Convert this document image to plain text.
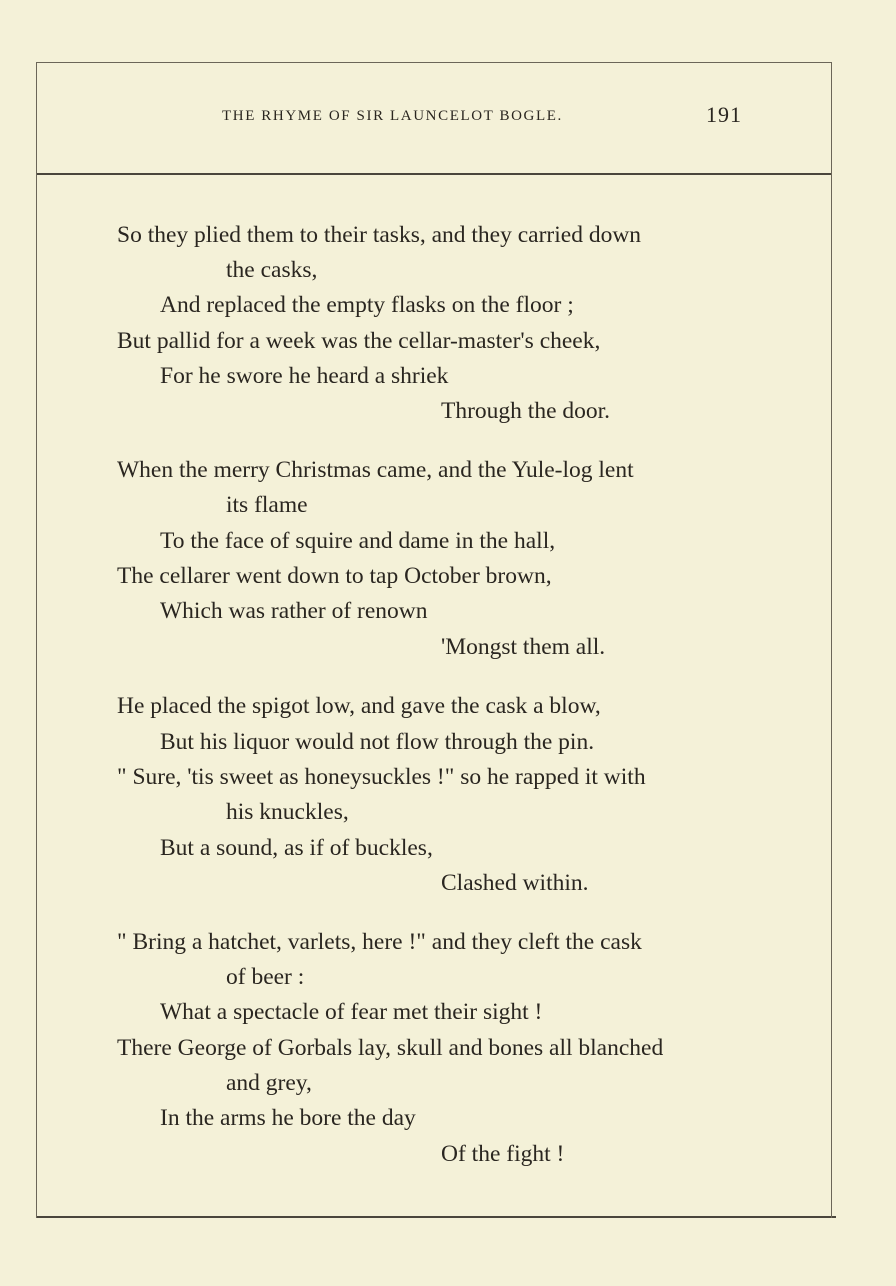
THE RHYME OF SIR LAUNCELOT BOGLE.	191
So they plied them to their tasks, and they carried down
the casks,
And replaced the empty flasks on the floor ;
But pallid for a week was the cellar-master's cheek,
For he swore he heard a shriek
Through the door.
When the merry Christmas came, and the Yule-log lent
its flame
To the face of squire and dame in the hall,
The cellarer went down to tap October brown,
Which was rather of renown
'Mongst them all.
He placed the spigot low, and gave the cask a blow,
But his liquor would not flow through the pin.
" Sure, 'tis sweet as honeysuckles !" so he rapped it with
his knuckles,
But a sound, as if of buckles,
Clashed within.
" Bring a hatchet, varlets, here !" and they cleft the cask
of beer :
What a spectacle of fear met their sight !
There George of Gorbals lay, skull and bones all blanched
and grey,
In the arms he bore the day
Of the fight !
